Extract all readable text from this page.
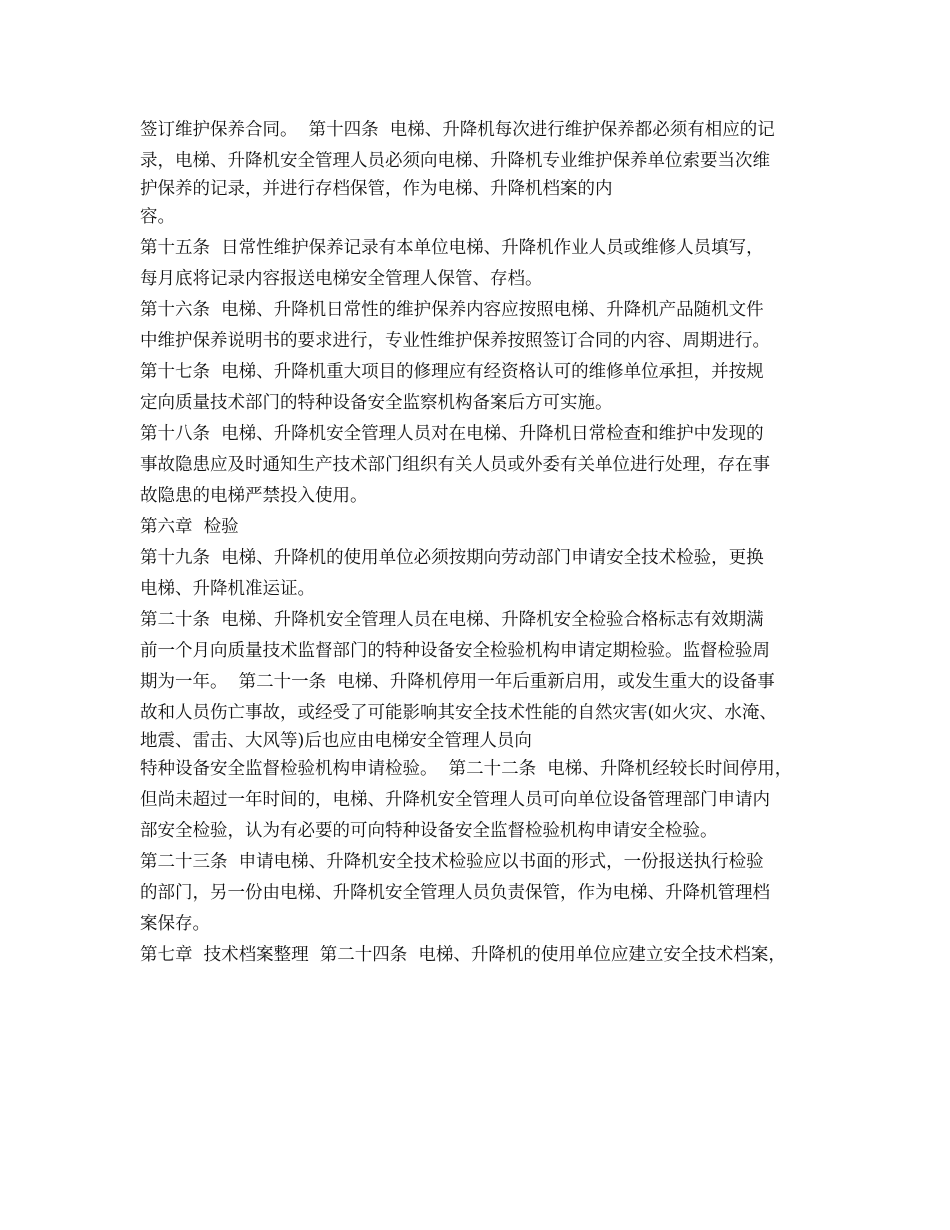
签订维护保养合同。  第十四条  电梯、升降机每次进行维护保养都必须有相应的记
录，电梯、升降机安全管理人员必须向电梯、升降机专业维护保养单位索要当次维
护保养的记录，并进行存档保管，作为电梯、升降机档案的内
容。
第十五条  日常性维护保养记录有本单位电梯、升降机作业人员或维修人员填写，
每月底将记录内容报送电梯安全管理人保管、存档。
第十六条  电梯、升降机日常性的维护保养内容应按照电梯、升降机产品随机文件
中维护保养说明书的要求进行，专业性维护保养按照签订合同的内容、周期进行。
第十七条  电梯、升降机重大项目的修理应有经资格认可的维修单位承担，并按规
定向质量技术部门的特种设备安全监察机构备案后方可实施。
第十八条  电梯、升降机安全管理人员对在电梯、升降机日常检查和维护中发现的
事故隐患应及时通知生产技术部门组织有关人员或外委有关单位进行处理，存在事
故隐患的电梯严禁投入使用。
第六章  检验
第十九条  电梯、升降机的使用单位必须按期向劳动部门申请安全技术检验，更换
电梯、升降机准运证。
第二十条  电梯、升降机安全管理人员在电梯、升降机安全检验合格标志有效期满
前一个月向质量技术监督部门的特种设备安全检验机构申请定期检验。监督检验周
期为一年。  第二十一条  电梯、升降机停用一年后重新启用，或发生重大的设备事
故和人员伤亡事故，或经受了可能影响其安全技术性能的自然灾害(如火灾、水淹、
地震、雷击、大风等)后也应由电梯安全管理人员向
特种设备安全监督检验机构申请检验。  第二十二条  电梯、升降机经较长时间停用，
但尚未超过一年时间的，电梯、升降机安全管理人员可向单位设备管理部门申请内
部安全检验，认为有必要的可向特种设备安全监督检验机构申请安全检验。
第二十三条  申请电梯、升降机安全技术检验应以书面的形式，一份报送执行检验
的部门，另一份由电梯、升降机安全管理人员负责保管，作为电梯、升降机管理档
案保存。
第七章  技术档案整理  第二十四条  电梯、升降机的使用单位应建立安全技术档案，
